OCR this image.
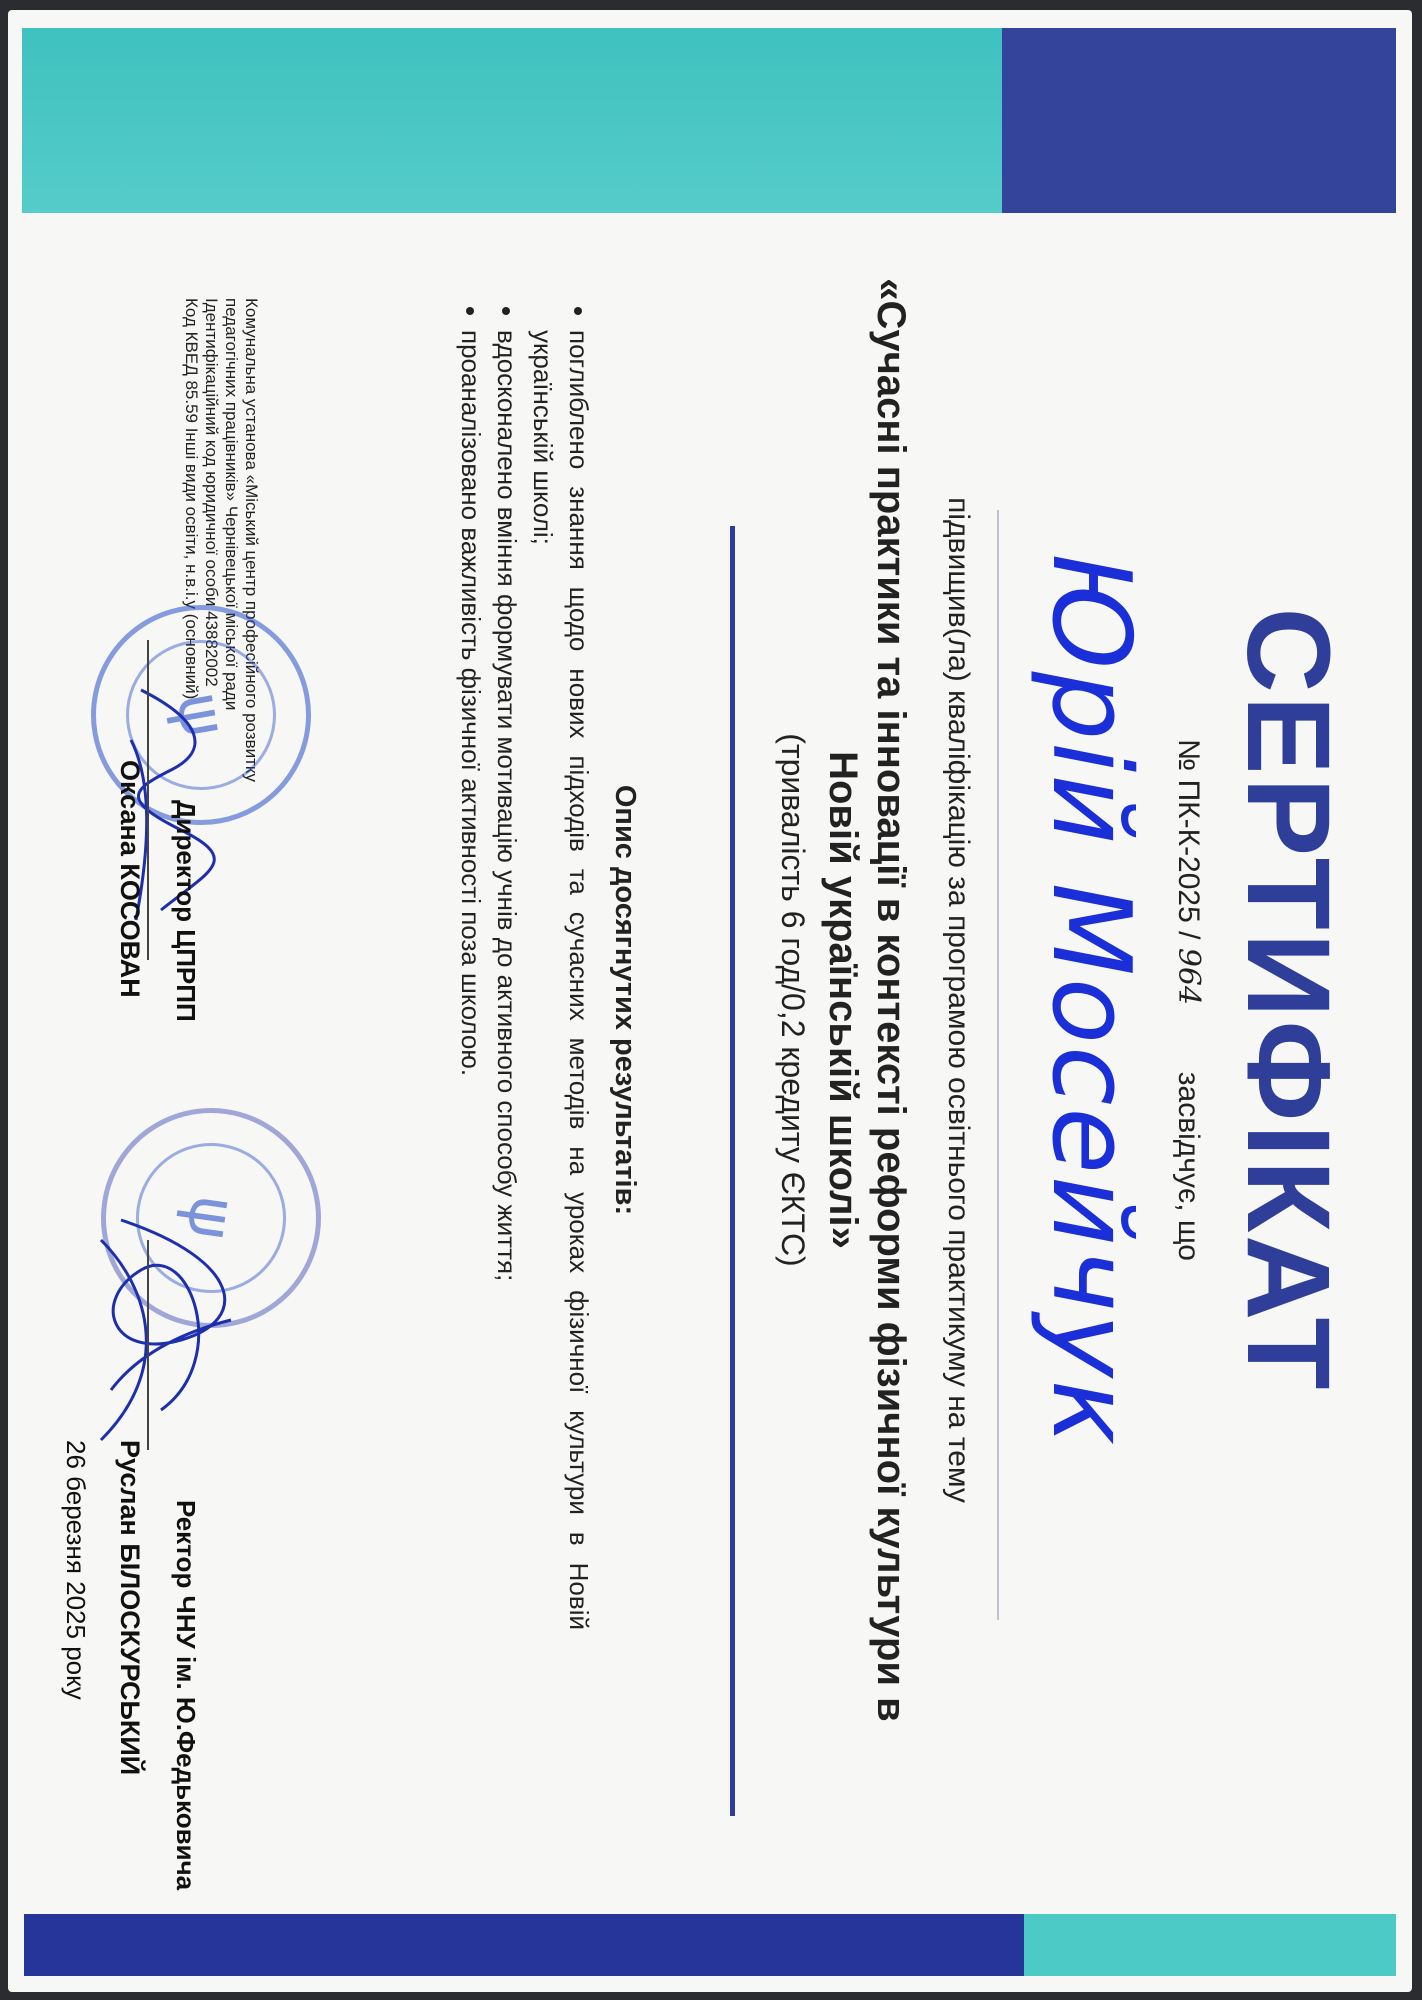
СЕРТИФІКАТ
№ ПК-К-2025 / 964        засвідчує, що
Юрій Мосейчук
підвищив(ла) кваліфікацію за програмою освітнього практикуму на тему
«Сучасні практики та інновації в контексті реформи фізичної культури в Новій українській школі»
(тривалість 6 год/0,2 кредиту ЄКТС)
Опис досягнутих результатів:
• поглиблено знання щодо нових підходів та сучасних методів на уроках фізичної культури в Новій українській школі;
• вдосконалено вміння формувати мотивацію учнів до активного способу життя;
• проаналізовано важливість фізичної активності поза школою.
Комунальна установа «Міський центр професійного розвитку
педагогічних працівників» Чернівецької міської ради
Ідентифікаційний код юридичної особи 43882002
Код КВЕД 85.59 Інші види освіти, н.в.і.у (основний)
ψ
ψ
Директор ЦПРПП
Оксана КОСОВАН
Ректор ЧНУ ім. Ю.Федьковича
Руслан БІЛОСКУРСЬКИЙ
26 березня 2025 року
